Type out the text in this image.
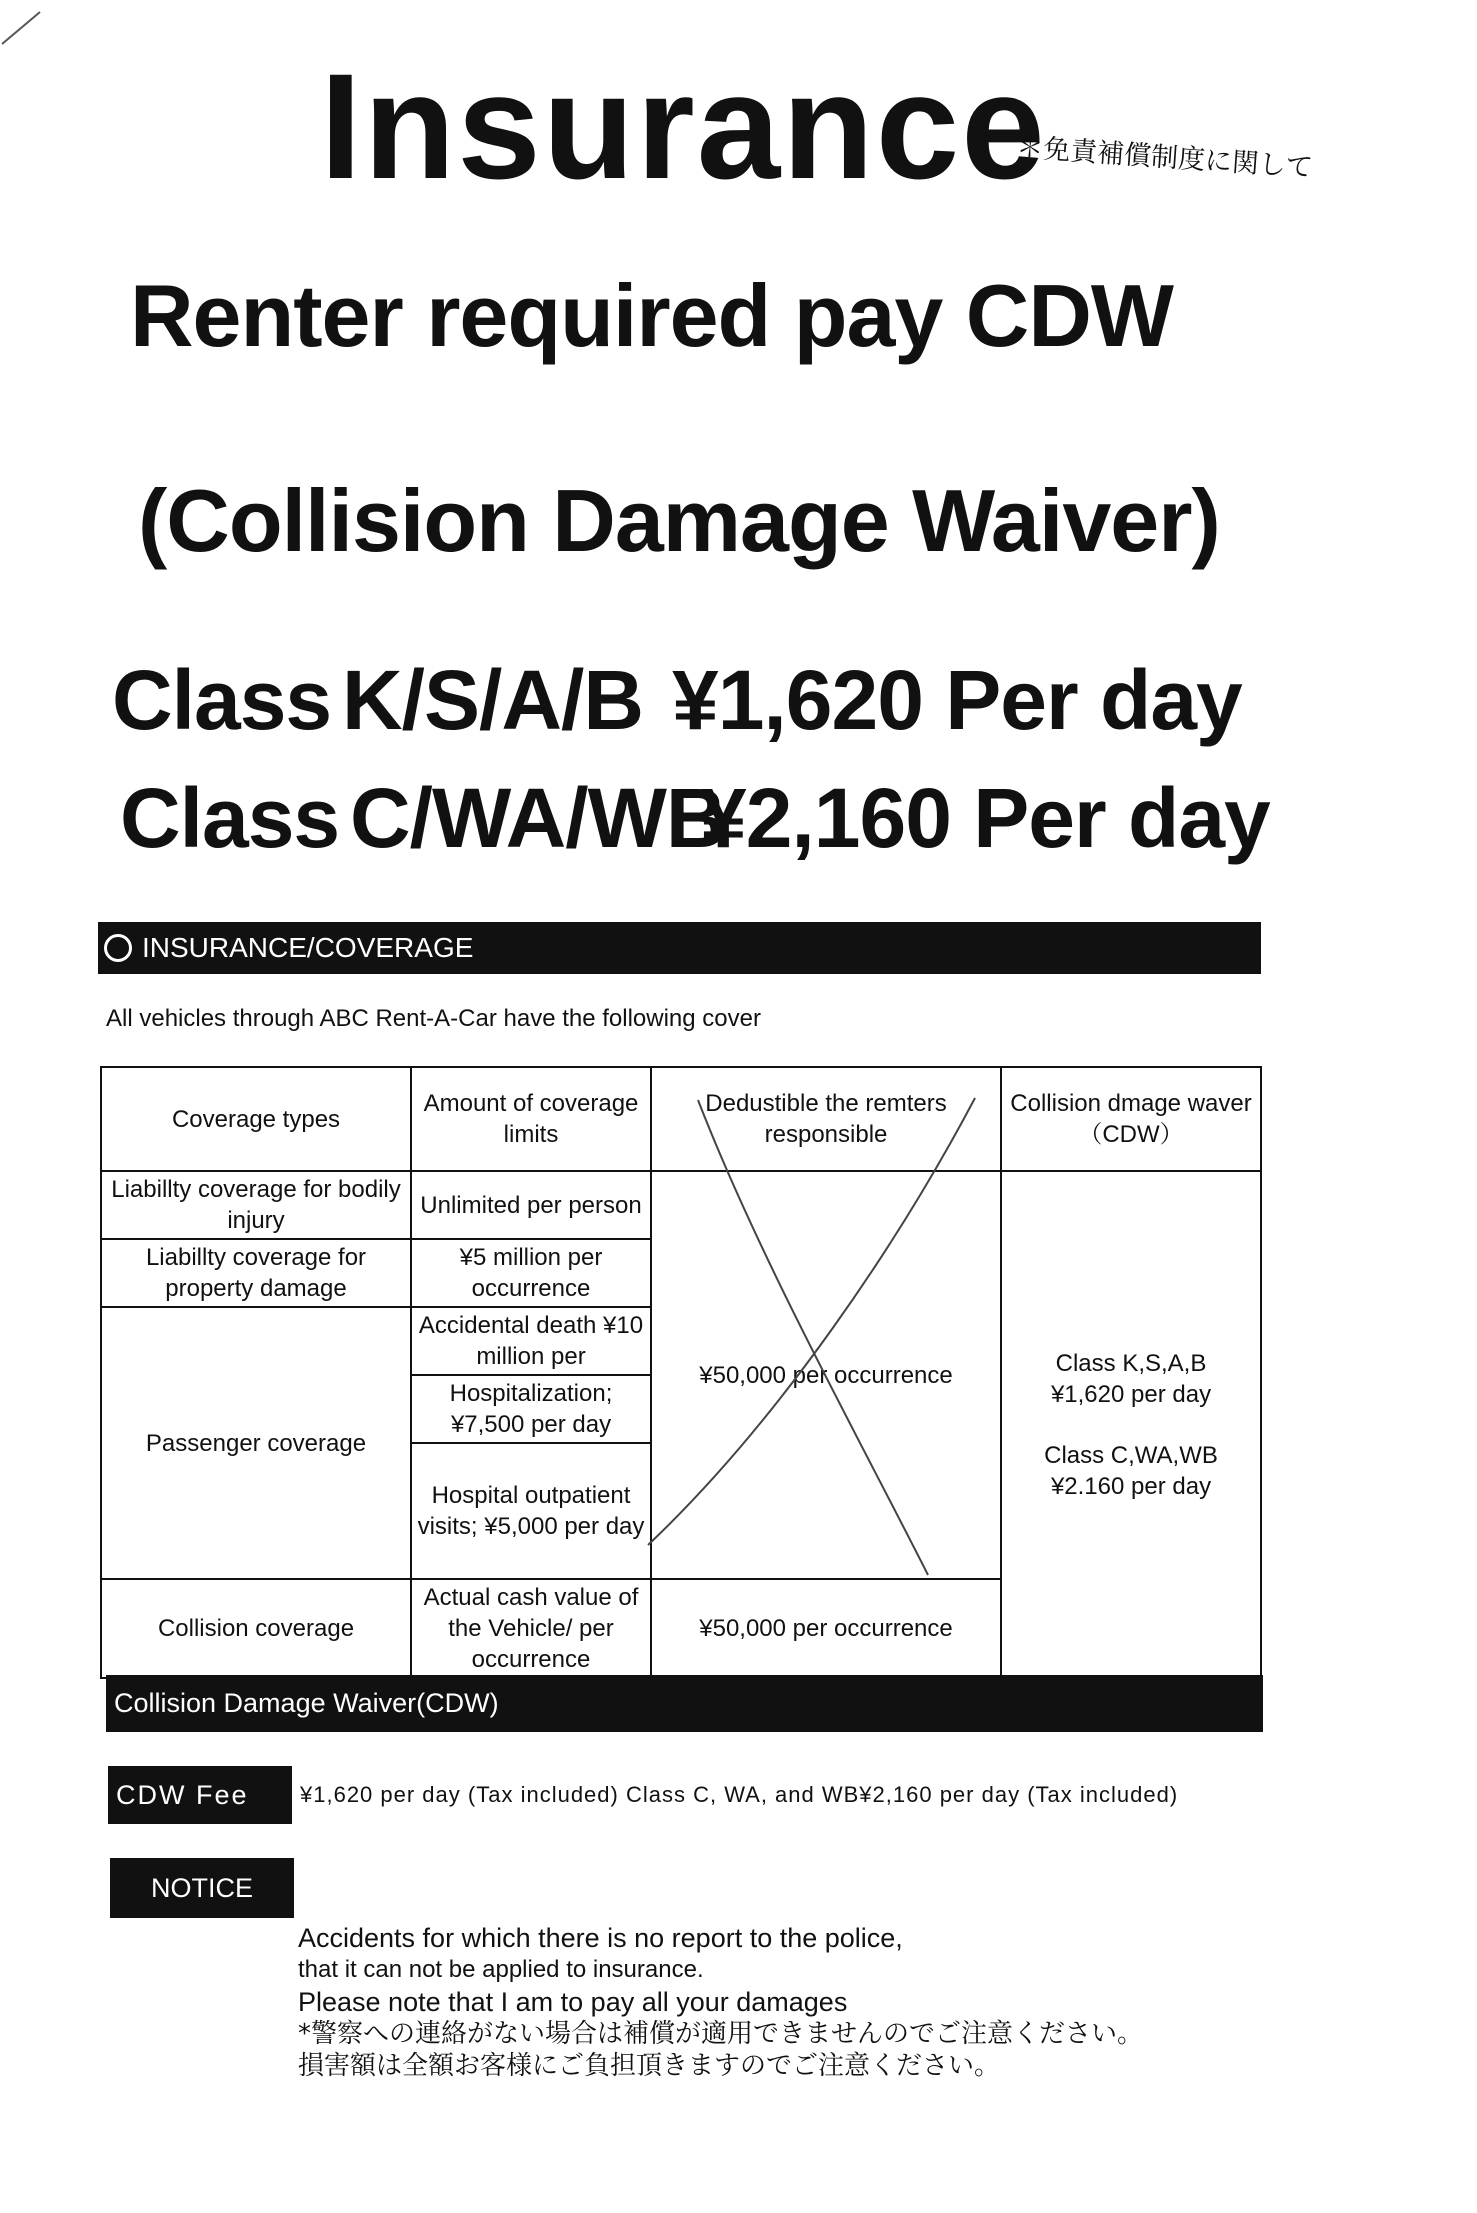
Insurance
＊免責補償制度に関して
Renter required pay CDW
(Collision Damage Waiver)
Class K/S/A/B ¥1,620 Per day
Class C/WA/WB¥2,160 Per day
INSURANCE/COVERAGE
All vehicles through ABC Rent-A-Car have the following cover
Coverage types	Amount of coverage limits	Dedustible the remters responsible	Collision dmage waver（CDW）
Liabillty coverage for bodily injury	Unlimited per person	¥50,000 per occurrence	Class K,S,A,B
¥1,620 per day
Class C,WA,WB
¥2.160 per day

Liabillty coverage for property damage	¥5 million per occurrence		
Passenger coverage	Accidental death ¥10 million per		
	Hospitalization; ¥7,500 per day		
	Hospital outpatient visits; ¥5,000 per day		
Collision coverage	Actual cash value of the Vehicle/ per occurrence	¥50,000 per occurrence	
Collision Damage Waiver(CDW)
CDW Fee	¥1,620 per day (Tax included) Class C, WA, and WB¥2,160 per day (Tax included)
NOTICE
Accidents for which there is no report to the police,
that it can not be applied to insurance.
Please note that I am to pay all your damages
*警察への連絡がない場合は補償が適用できませんのでご注意ください。
損害額は全額お客様にご負担頂きますのでご注意ください。
